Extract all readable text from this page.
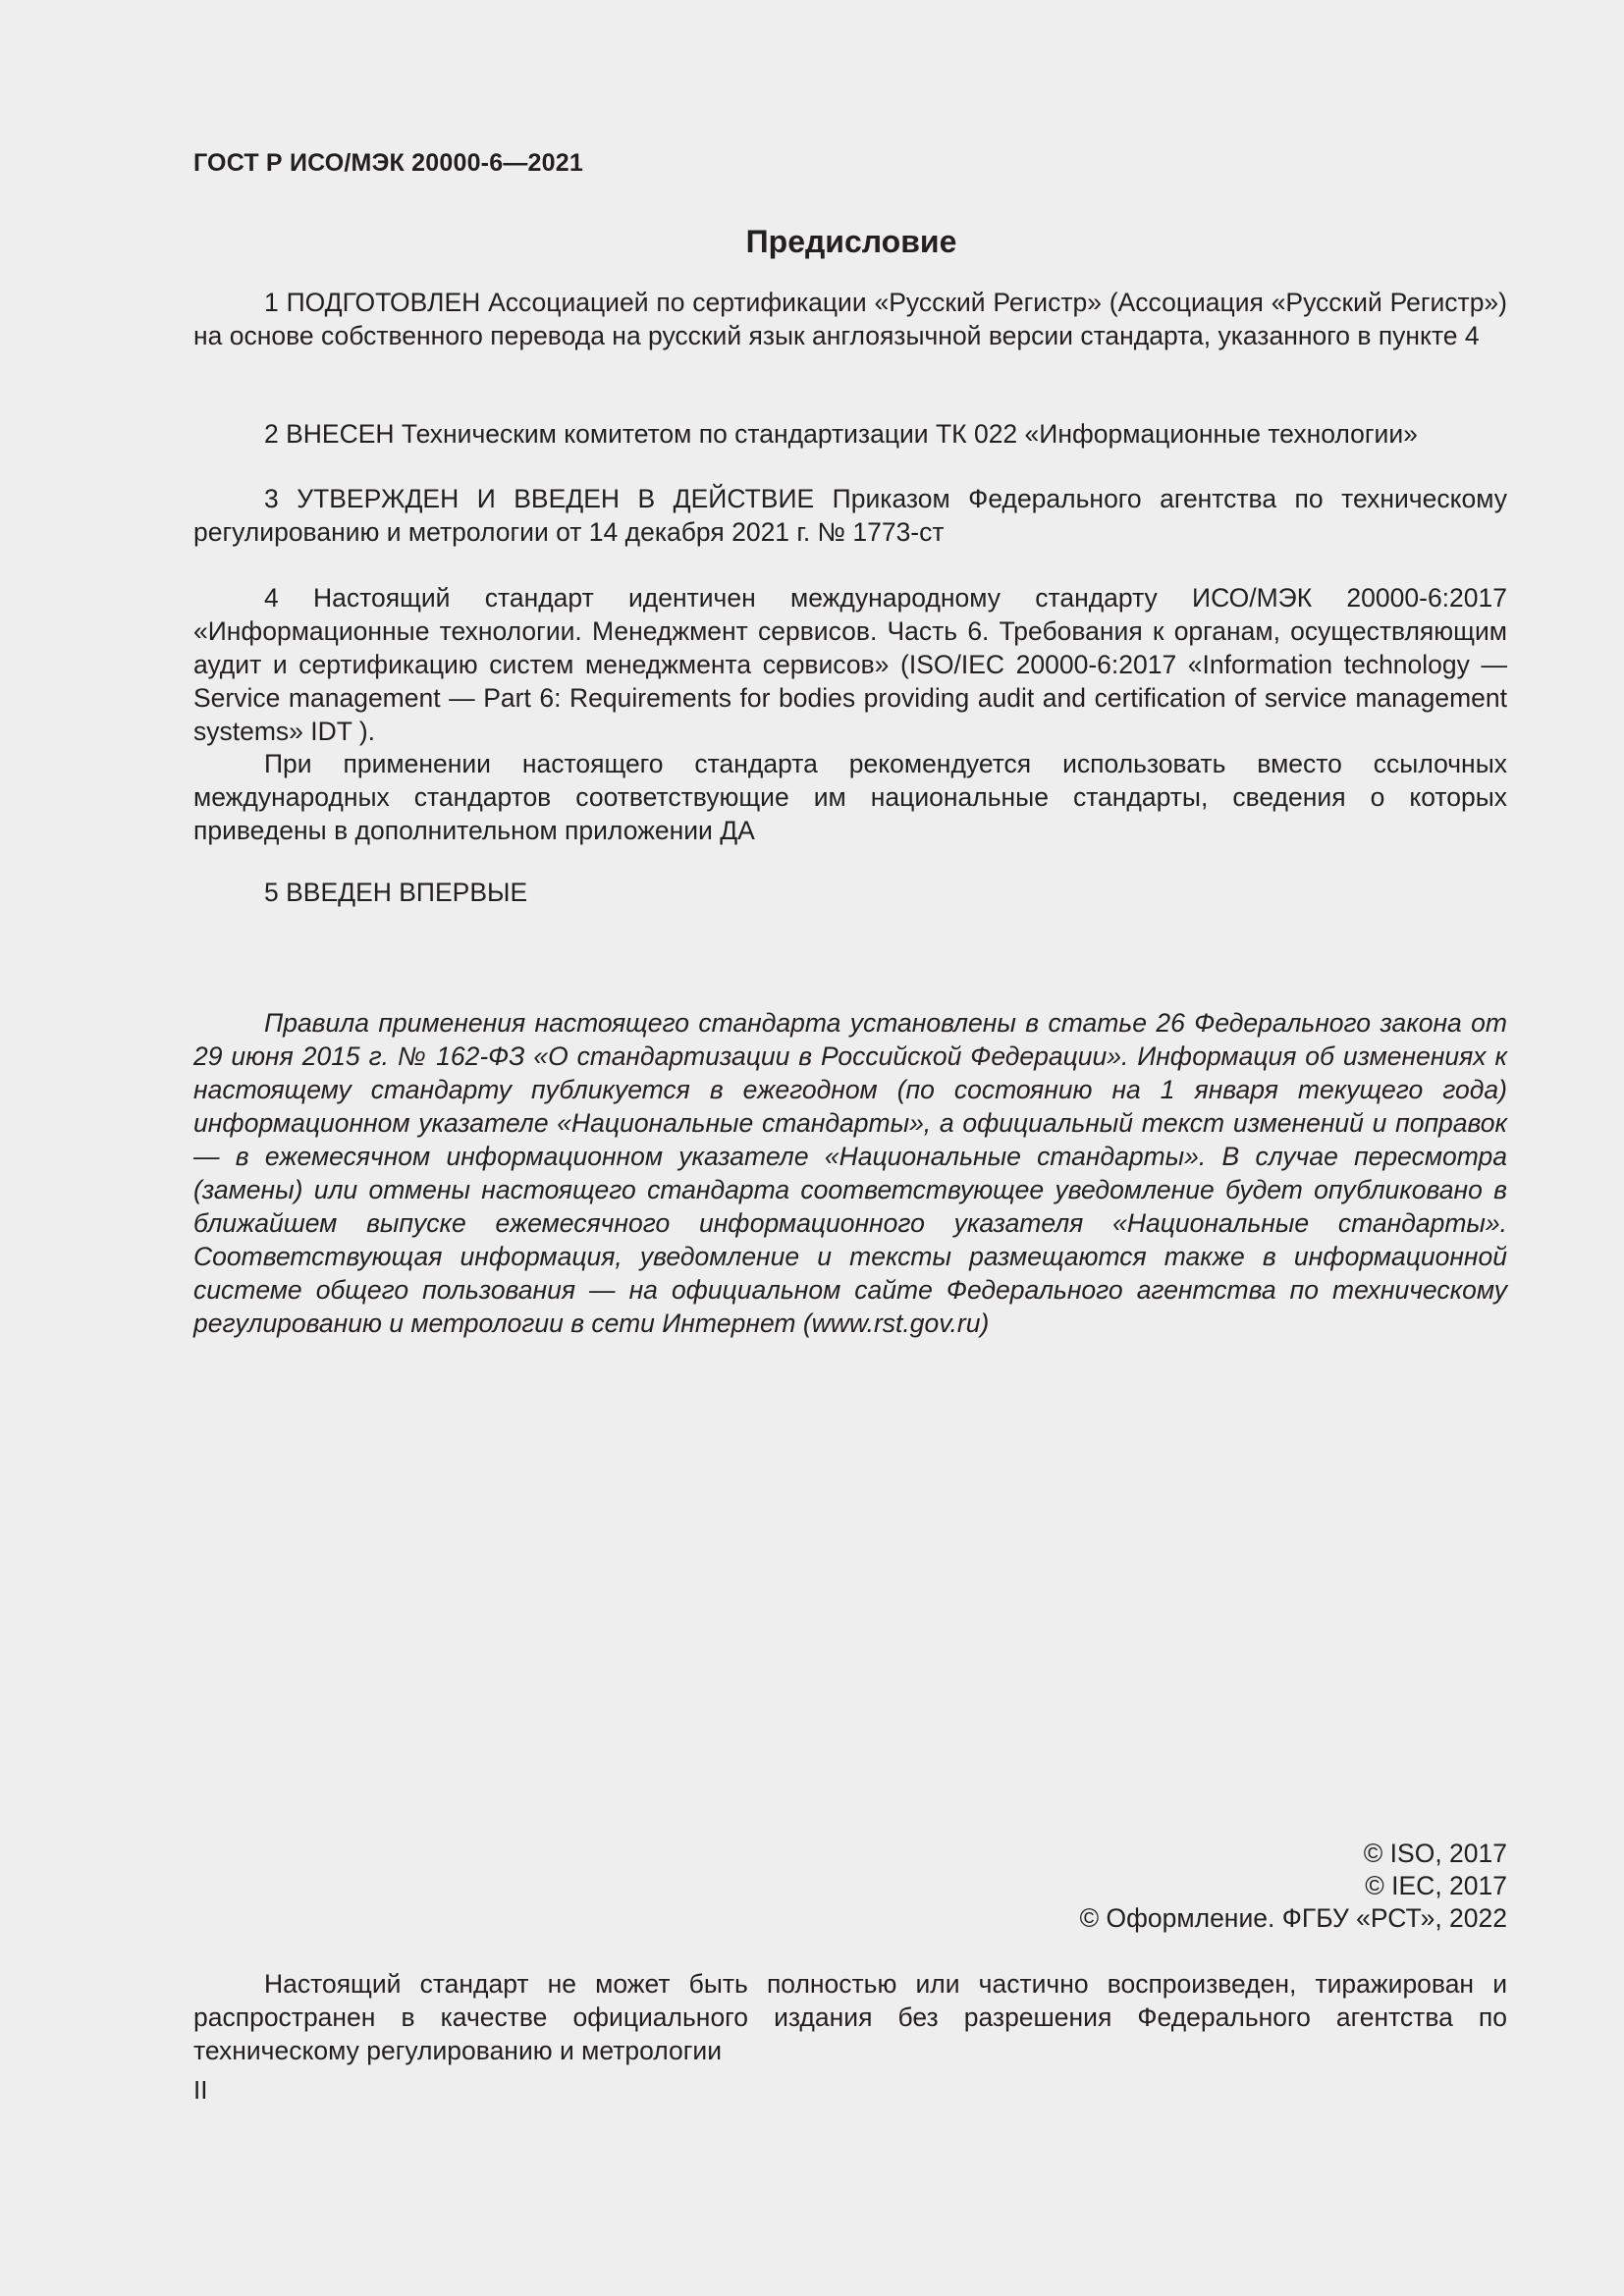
ГОСТ Р ИСО/МЭК 20000-6—2021
Предисловие

1 ПОДГОТОВЛЕН Ассоциацией по сертификации «Русский Регистр» (Ассоциация «Русский Регистр») на основе собственного перевода на русский язык англоязычной версии стандарта, указанного в пункте 4

2 ВНЕСЕН Техническим комитетом по стандартизации ТК 022 «Информационные технологии»

3 УТВЕРЖДЕН И ВВЕДЕН В ДЕЙСТВИЕ Приказом Федерального агентства по техническому регулированию и метрологии от 14 декабря 2021 г. № 1773-ст

4 Настоящий стандарт идентичен международному стандарту ИСО/МЭК 20000-6:2017 «Информационные технологии. Менеджмент сервисов. Часть 6. Требования к органам, осуществляющим аудит и сертификацию систем менеджмента сервисов» (ISO/IEC 20000-6:2017 «Information technology — Service management — Part 6: Requirements for bodies providing audit and certification of service management systems» IDT ).

При применении настоящего стандарта рекомендуется использовать вместо ссылочных международных стандартов соответствующие им национальные стандарты, сведения о которых приведены в дополнительном приложении ДА

5 ВВЕДЕН ВПЕРВЫЕ

Правила применения настоящего стандарта установлены в статье 26 Федерального закона от 29 июня 2015 г. № 162-ФЗ «О стандартизации в Российской Федерации». Информация об изменениях к настоящему стандарту публикуется в ежегодном (по состоянию на 1 января текущего года) информационном указателе «Национальные стандарты», а официальный текст изменений и поправок — в ежемесячном информационном указателе «Национальные стандарты». В случае пересмотра (замены) или отмены настоящего стандарта соответствующее уведомление будет опубликовано в ближайшем выпуске ежемесячного информационного указателя «Национальные стандарты». Соответствующая информация, уведомление и тексты размещаются также в информационной системе общего пользования — на официальном сайте Федерального агентства по техническому регулированию и метрологии в сети Интернет (www.rst.gov.ru)

© ISO, 2017
© IEC, 2017
© Оформление. ФГБУ «РСТ», 2022

Настоящий стандарт не может быть полностью или частично воспроизведен, тиражирован и распространен в качестве официального издания без разрешения Федерального агентства по техническому регулированию и метрологии

II
